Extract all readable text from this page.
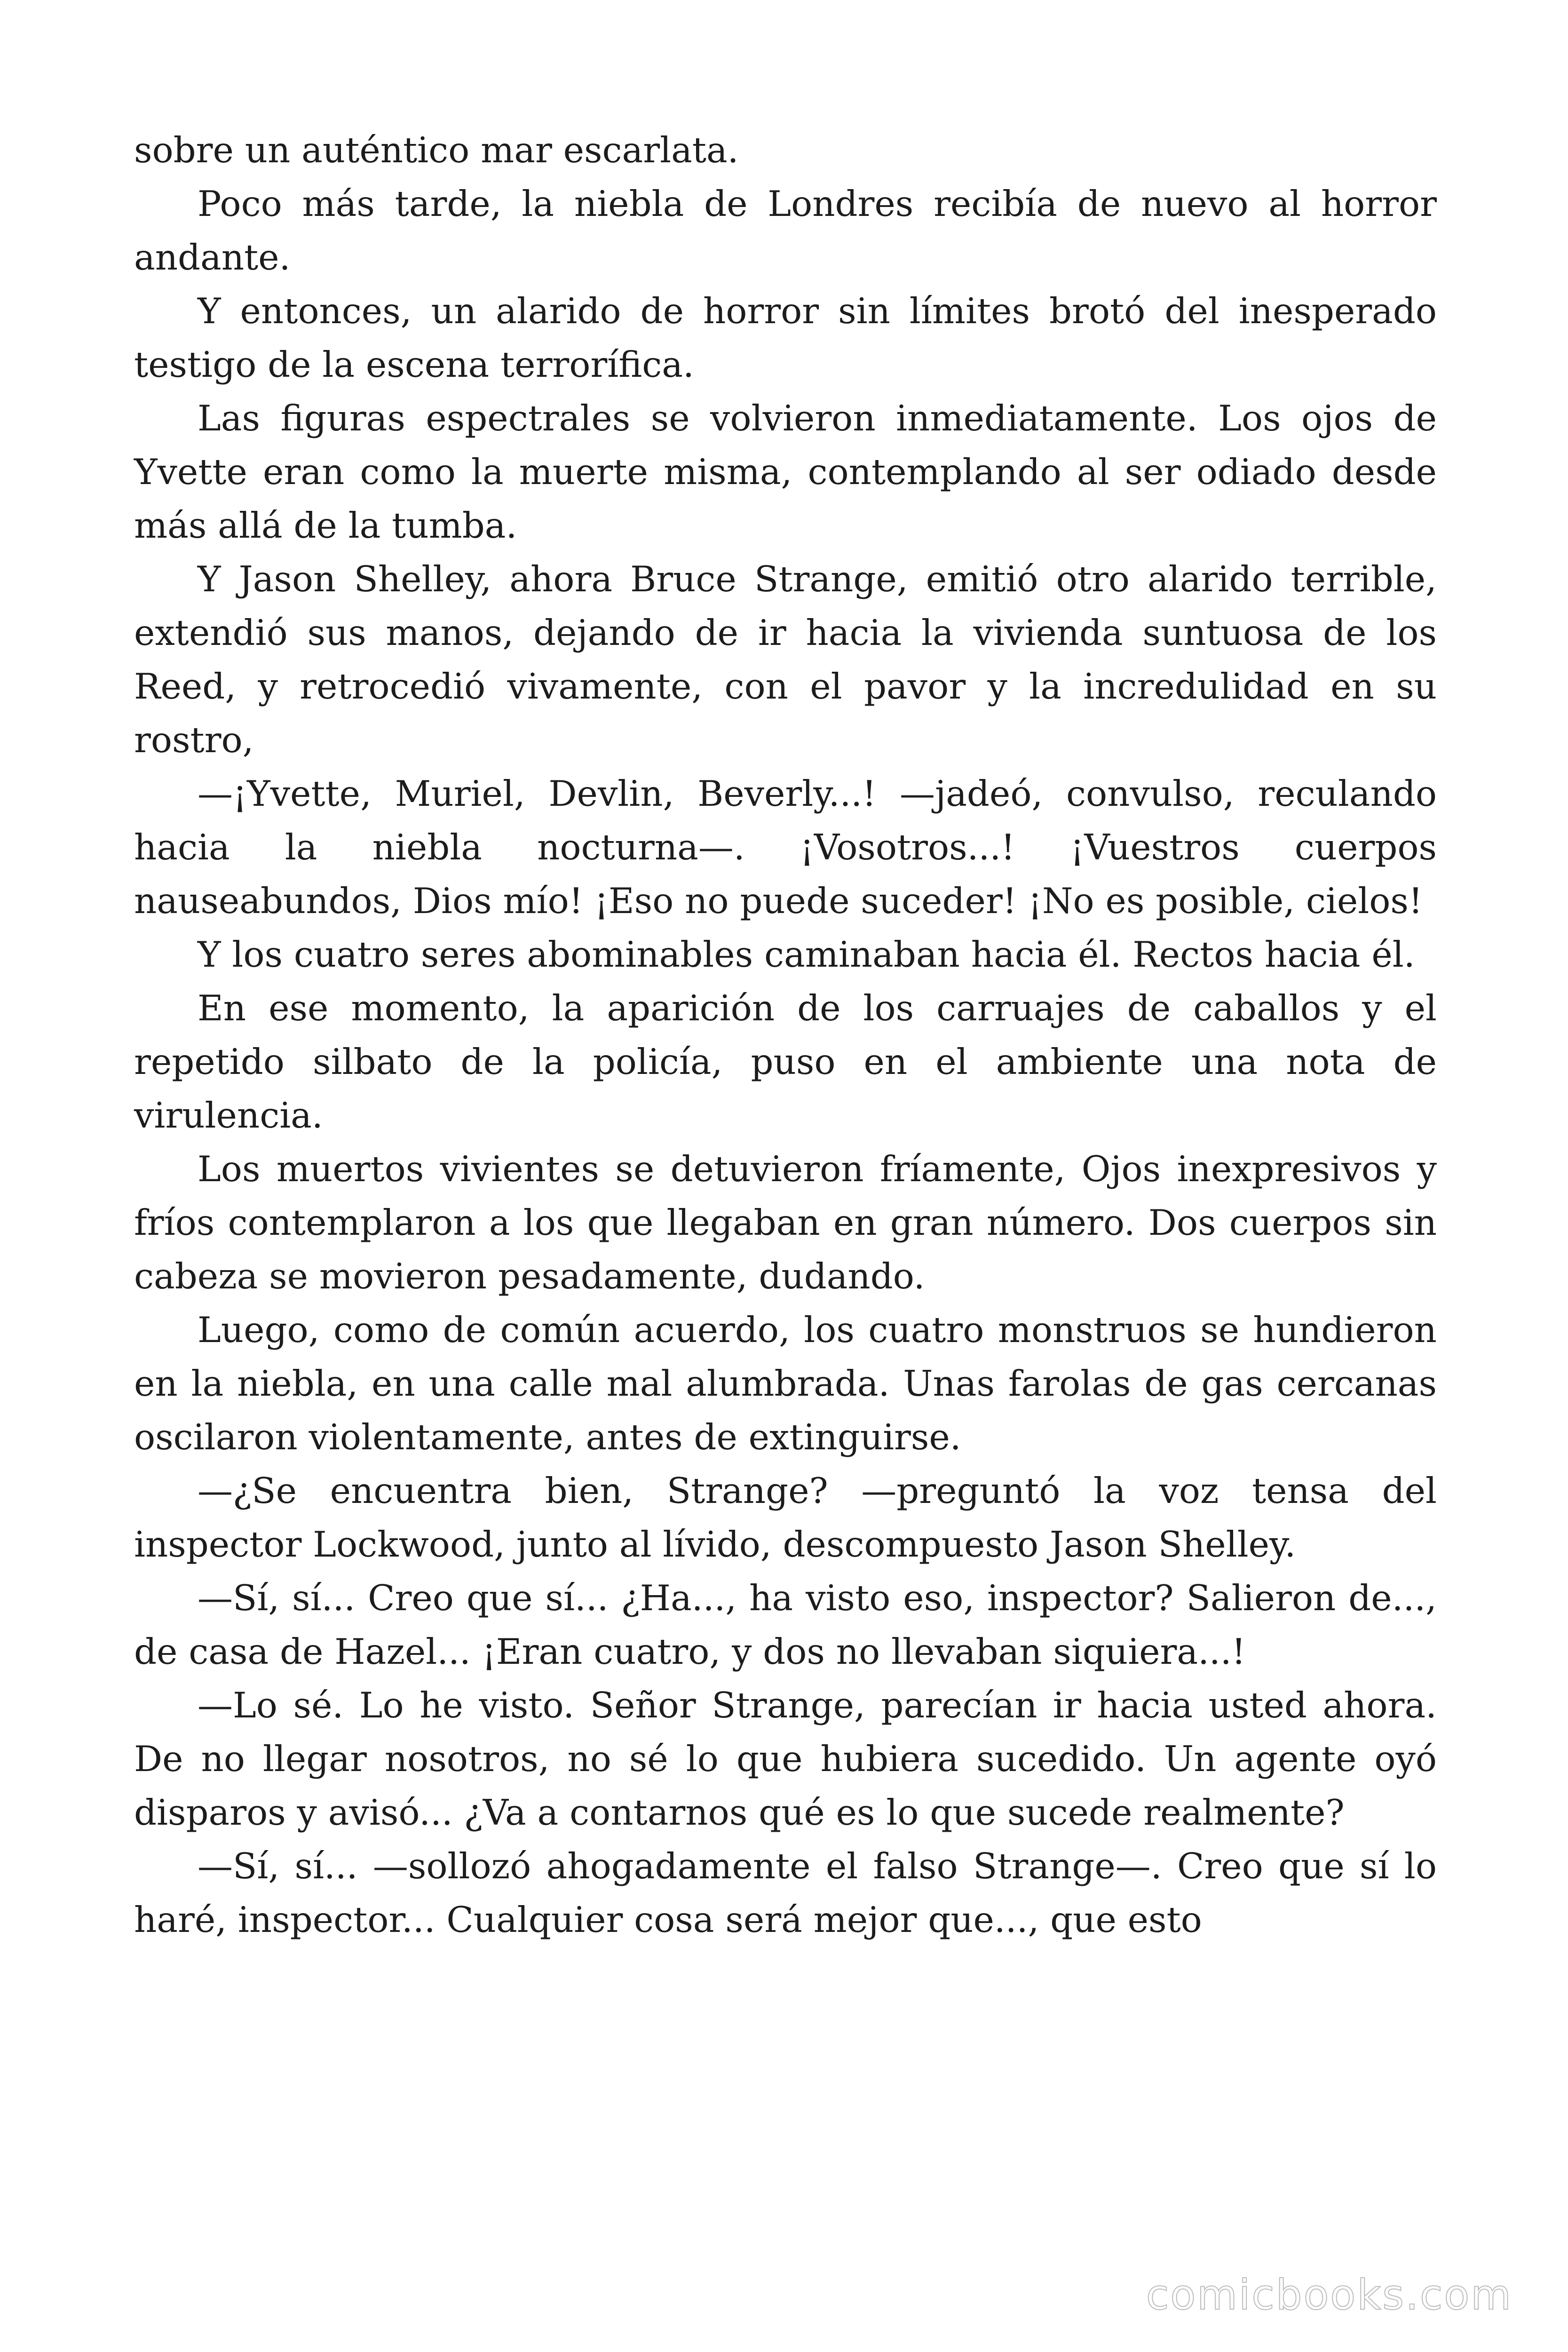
sobre un auténtico mar escarlata.

Poco más tarde, la niebla de Londres recibía de nuevo al horror andante.

Y entonces, un alarido de horror sin límites brotó del inesperado testigo de la escena terrorífica.

Las figuras espectrales se volvieron inmediatamente. Los ojos de Yvette eran como la muerte misma, contemplando al ser odiado desde más allá de la tumba.

Y Jason Shelley, ahora Bruce Strange, emitió otro alarido terrible, extendió sus manos, dejando de ir hacia la vivienda suntuosa de los Reed, y retrocedió vivamente, con el pavor y la incredulidad en su rostro,

—¡Yvette, Muriel, Devlin, Beverly...! —jadeó, convulso, reculando hacia la niebla nocturna—. ¡Vosotros...! ¡Vuestros cuerpos nauseabundos, Dios mío! ¡Eso no puede suceder! ¡No es posible, cielos!

Y los cuatro seres abominables caminaban hacia él. Rectos hacia él.

En ese momento, la aparición de los carruajes de caballos y el repetido silbato de la policía, puso en el ambiente una nota de virulencia.

Los muertos vivientes se detuvieron fríamente, Ojos inexpresivos y fríos contemplaron a los que llegaban en gran número. Dos cuerpos sin cabeza se movieron pesadamente, dudando.

Luego, como de común acuerdo, los cuatro monstruos se hundieron en la niebla, en una calle mal alumbrada. Unas farolas de gas cercanas oscilaron violentamente, antes de extinguirse.

—¿Se encuentra bien, Strange? —preguntó la voz tensa del inspector Lockwood, junto al lívido, descompuesto Jason Shelley.

—Sí, sí... Creo que sí... ¿Ha..., ha visto eso, inspector? Salieron de..., de casa de Hazel... ¡Eran cuatro, y dos no llevaban siquiera...!

—Lo sé. Lo he visto. Señor Strange, parecían ir hacia usted ahora. De no llegar nosotros, no sé lo que hubiera sucedido. Un agente oyó disparos y avisó... ¿Va a contarnos qué es lo que sucede realmente?

—Sí, sí... —sollozó ahogadamente el falso Strange—. Creo que sí lo haré, inspector... Cualquier cosa será mejor que..., que esto

comicbooks.com
